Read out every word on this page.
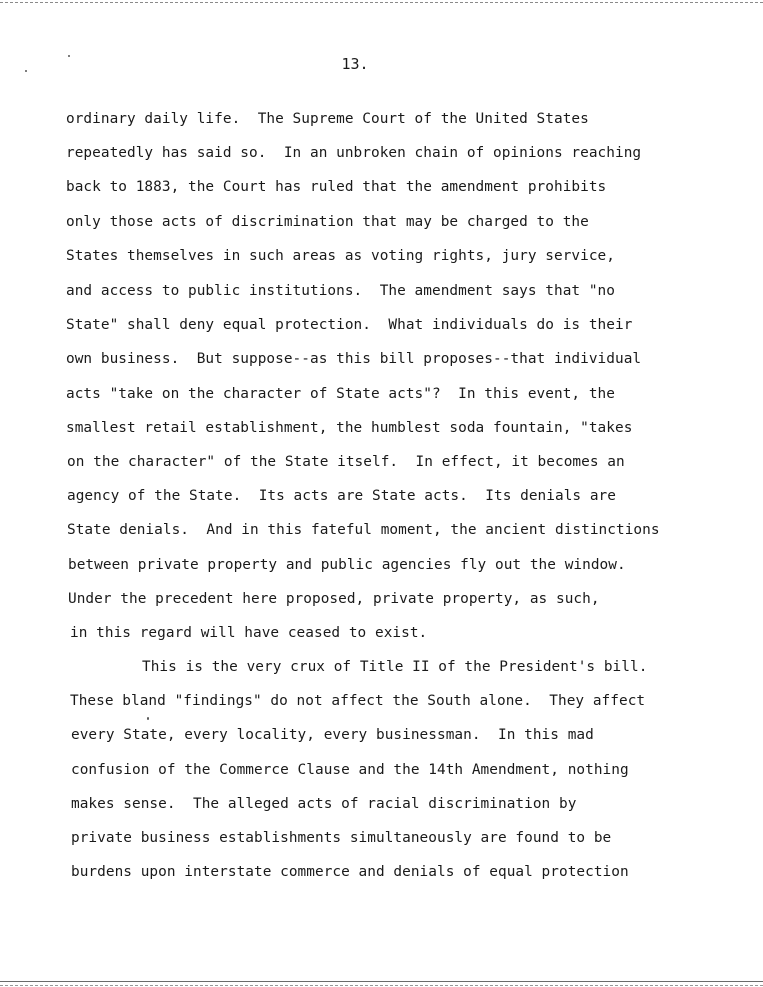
13.
ordinary daily life.  The Supreme Court of the United States
repeatedly has said so.  In an unbroken chain of opinions reaching
back to 1883, the Court has ruled that the amendment prohibits
only those acts of discrimination that may be charged to the
States themselves in such areas as voting rights, jury service,
and access to public institutions.  The amendment says that "no
State" shall deny equal protection.  What individuals do is their
own business.  But suppose--as this bill proposes--that individual
acts "take on the character of State acts"?  In this event, the
smallest retail establishment, the humblest soda fountain, "takes
on the character" of the State itself.  In effect, it becomes an
agency of the State.  Its acts are State acts.  Its denials are
State denials.  And in this fateful moment, the ancient distinctions
between private property and public agencies fly out the window.
Under the precedent here proposed, private property, as such,
in this regard will have ceased to exist.
This is the very crux of Title II of the President's bill.
These bland "findings" do not affect the South alone.  They affect
every State, every locality, every businessman.  In this mad
confusion of the Commerce Clause and the 14th Amendment, nothing
makes sense.  The alleged acts of racial discrimination by
private business establishments simultaneously are found to be
burdens upon interstate commerce and denials of equal protection
